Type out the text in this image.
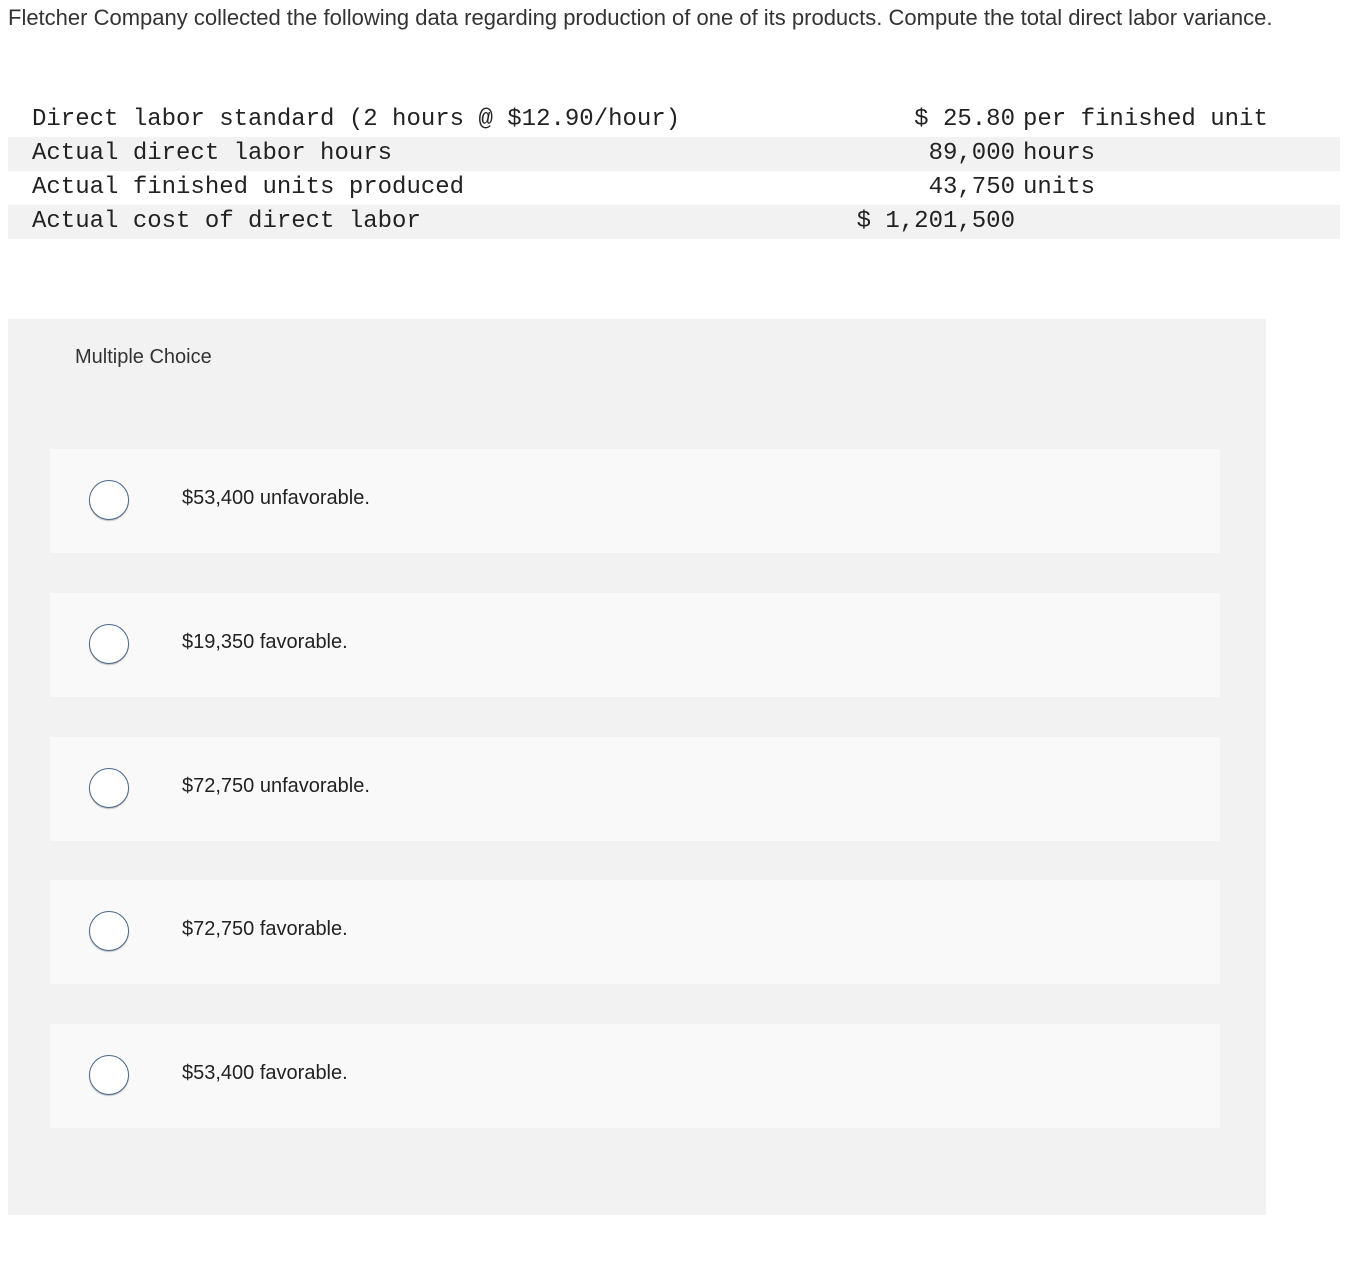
Fletcher Company collected the following data regarding production of one of its products. Compute the total direct labor variance.
Direct labor standard (2 hours @ $12.90/hour)	$ 25.80 per finished unit
Actual direct labor hours	89,000 hours
Actual finished units produced	43,750 units
Actual cost of direct labor	$ 1,201,500
Multiple Choice
$53,400 unfavorable.
$19,350 favorable.
$72,750 unfavorable.
$72,750 favorable.
$53,400 favorable.
